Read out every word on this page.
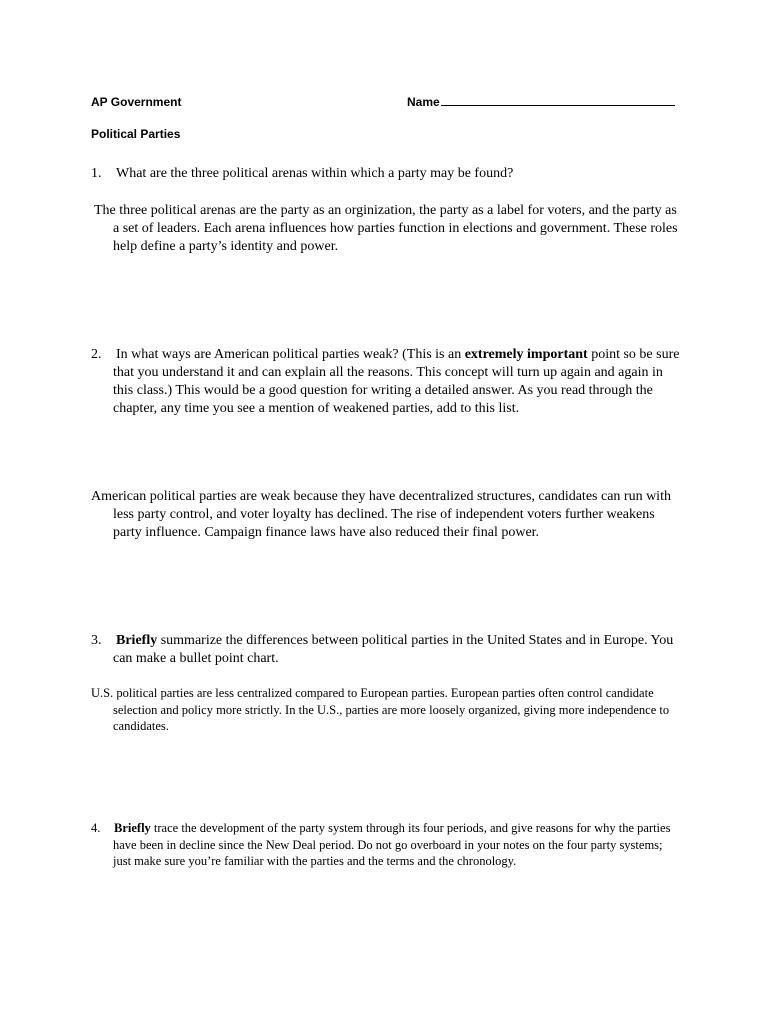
AP Government	Name
Political Parties
1.	What are the three political arenas within which a party may be found?
The three political arenas are the party as an orginization, the party as a label for voters, and the party as a set of leaders. Each arena influences how parties function in elections and government. These roles help define a party’s identity and power.
2.	In what ways are American political parties weak? (This is an extremely important point so be sure that you understand it and can explain all the reasons. This concept will turn up again and again in this class.) This would be a good question for writing a detailed answer. As you read through the chapter, any time you see a mention of weakened parties, add to this list.
American political parties are weak because they have decentralized structures, candidates can run with less party control, and voter loyalty has declined. The rise of independent voters further weakens party influence. Campaign finance laws have also reduced their final power.
3.	Briefly summarize the differences between political parties in the United States and in Europe. You can make a bullet point chart.
U.S. political parties are less centralized compared to European parties. European parties often control candidate selection and policy more strictly. In the U.S., parties are more loosely organized, giving more independence to candidates.
4.	Briefly trace the development of the party system through its four periods, and give reasons for why the parties have been in decline since the New Deal period. Do not go overboard in your notes on the four party systems; just make sure you’re familiar with the parties and the terms and the chronology.
